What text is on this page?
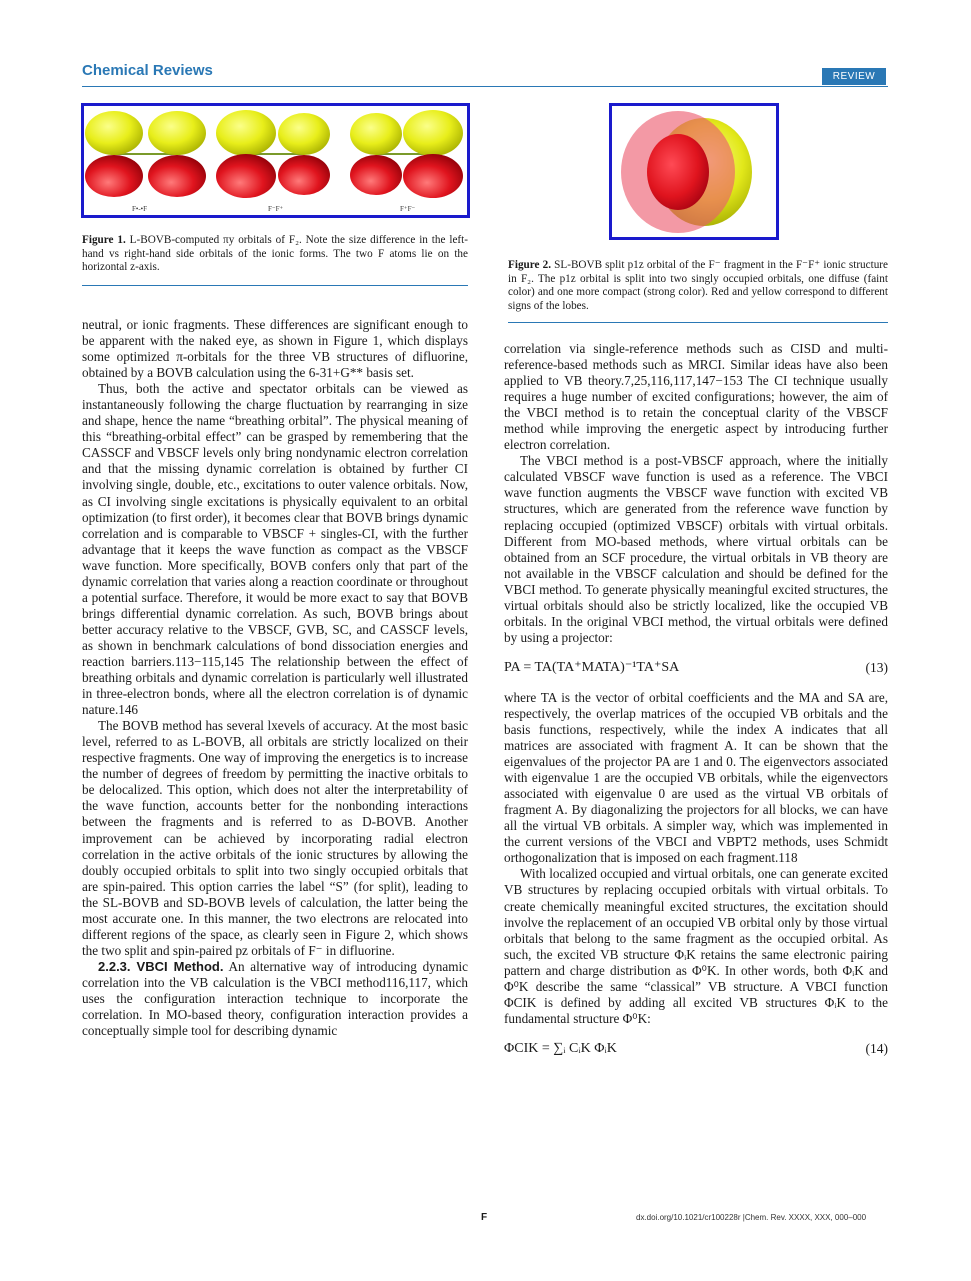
Chemical Reviews	REVIEW
F•-•F	F⁻F⁺	F⁺F⁻
Figure 1. L-BOVB-computed πy orbitals of F₂. Note the size difference in the left-hand vs right-hand side orbitals of the ionic forms. The two F atoms lie on the horizontal z-axis.	Figure 2. SL-BOVB split p1z orbital of the F⁻ fragment in the F⁻F⁺ ionic structure in F₂. The p1z orbital is split into two singly occupied orbitals, one diffuse (faint color) and one more compact (strong color). Red and yellow correspond to different signs of the lobes.

neutral, or ionic fragments. These differences are significant enough to be apparent with the naked eye, as shown in Figure 1, which displays some optimized π-orbitals for the three VB structures of difluorine, obtained by a BOVB calculation using the 6-31+G** basis set.

Thus, both the active and spectator orbitals can be viewed as instantaneously following the charge fluctuation by rearranging in size and shape, hence the name “breathing orbital”. The physical meaning of this “breathing-orbital effect” can be grasped by remembering that the CASSCF and VBSCF levels only bring nondynamic electron correlation and that the missing dynamic correlation is obtained by further CI involving single, double, etc., excitations to outer valence orbitals. Now, as CI involving single excitations is physically equivalent to an orbital optimization (to first order), it becomes clear that BOVB brings dynamic correlation and is comparable to VBSCF + singles-CI, with the further advantage that it keeps the wave function as compact as the VBSCF wave function. More specifically, BOVB confers only that part of the dynamic correlation that varies along a reaction coordinate or throughout a potential surface. Therefore, it would be more exact to say that BOVB brings differential dynamic correlation. As such, BOVB brings about better accuracy relative to the VBSCF, GVB, SC, and CASSCF levels, as shown in benchmark calculations of bond dissociation energies and reaction barriers.113−115,145 The relationship between the effect of breathing orbitals and dynamic correlation is particularly well illustrated in three-electron bonds, where all the electron correlation is of dynamic nature.146

The BOVB method has several lxevels of accuracy. At the most basic level, referred to as L-BOVB, all orbitals are strictly localized on their respective fragments. One way of improving the energetics is to increase the number of degrees of freedom by permitting the inactive orbitals to be delocalized. This option, which does not alter the interpretability of the wave function, accounts better for the nonbonding interactions between the fragments and is referred to as D-BOVB. Another improvement can be achieved by incorporating radial electron correlation in the active orbitals of the ionic structures by allowing the doubly occupied orbitals to split into two singly occupied orbitals that are spin-paired. This option carries the label “S” (for split), leading to the SL-BOVB and SD-BOVB levels of calculation, the latter being the most accurate one. In this manner, the two electrons are relocated into different regions of the space, as clearly seen in Figure 2, which shows the two split and spin-paired pz orbitals of F⁻ in difluorine.

2.2.3. VBCI Method. An alternative way of introducing dynamic correlation into the VB calculation is the VBCI method116,117, which uses the configuration interaction technique to incorporate the correlation. In MO-based theory, configuration interaction provides a conceptually simple tool for describing dynamic

correlation via single-reference methods such as CISD and multi-reference-based methods such as MRCI. Similar ideas have also been applied to VB theory.7,25,116,117,147−153 The CI technique usually requires a huge number of excited configurations; however, the aim of the VBCI method is to retain the conceptual clarity of the VBSCF method while improving the energetic aspect by introducing further electron correlation.

The VBCI method is a post-VBSCF approach, where the initially calculated VBSCF wave function is used as a reference. The VBCI wave function augments the VBSCF wave function with excited VB structures, which are generated from the reference wave function by replacing occupied (optimized VBSCF) orbitals with virtual orbitals. Different from MO-based methods, where virtual orbitals can be obtained from an SCF procedure, the virtual orbitals in VB theory are not available in the VBSCF calculation and should be defined for the VBCI method. To generate physically meaningful excited structures, the virtual orbitals should also be strictly localized, like the occupied VB orbitals. In the original VBCI method, the virtual orbitals were defined by using a projector:

PA = TA(TA⁺MATA)⁻¹TA⁺SA	(13)

where TA is the vector of orbital coefficients and the MA and SA are, respectively, the overlap matrices of the occupied VB orbitals and the basis functions, respectively, while the index A indicates that all matrices are associated with fragment A. It can be shown that the eigenvalues of the projector PA are 1 and 0. The eigenvectors associated with eigenvalue 1 are the occupied VB orbitals, while the eigenvectors associated with eigenvalue 0 are used as the virtual VB orbitals of fragment A. By diagonalizing the projectors for all blocks, we can have all the virtual VB orbitals. A simpler way, which was implemented in the current versions of the VBCI and VBPT2 methods, uses Schmidt orthogonalization that is imposed on each fragment.118

With localized occupied and virtual orbitals, one can generate excited VB structures by replacing occupied orbitals with virtual orbitals. To create chemically meaningful excited structures, the excitation should involve the replacement of an occupied VB orbital only by those virtual orbitals that belong to the same fragment as the occupied orbital. As such, the excited VB structure ΦᵢK retains the same electronic pairing pattern and charge distribution as Φ⁰K. In other words, both ΦᵢK and Φ⁰K describe the same “classical” VB structure. A VBCI function ΦCIK is defined by adding all excited VB structures ΦᵢK to the fundamental structure Φ⁰K:

ΦCIK = ∑ᵢ CᵢK ΦᵢK	(14)
F	dx.doi.org/10.1021/cr100228r |Chem. Rev. XXXX, XXX, 000–000
